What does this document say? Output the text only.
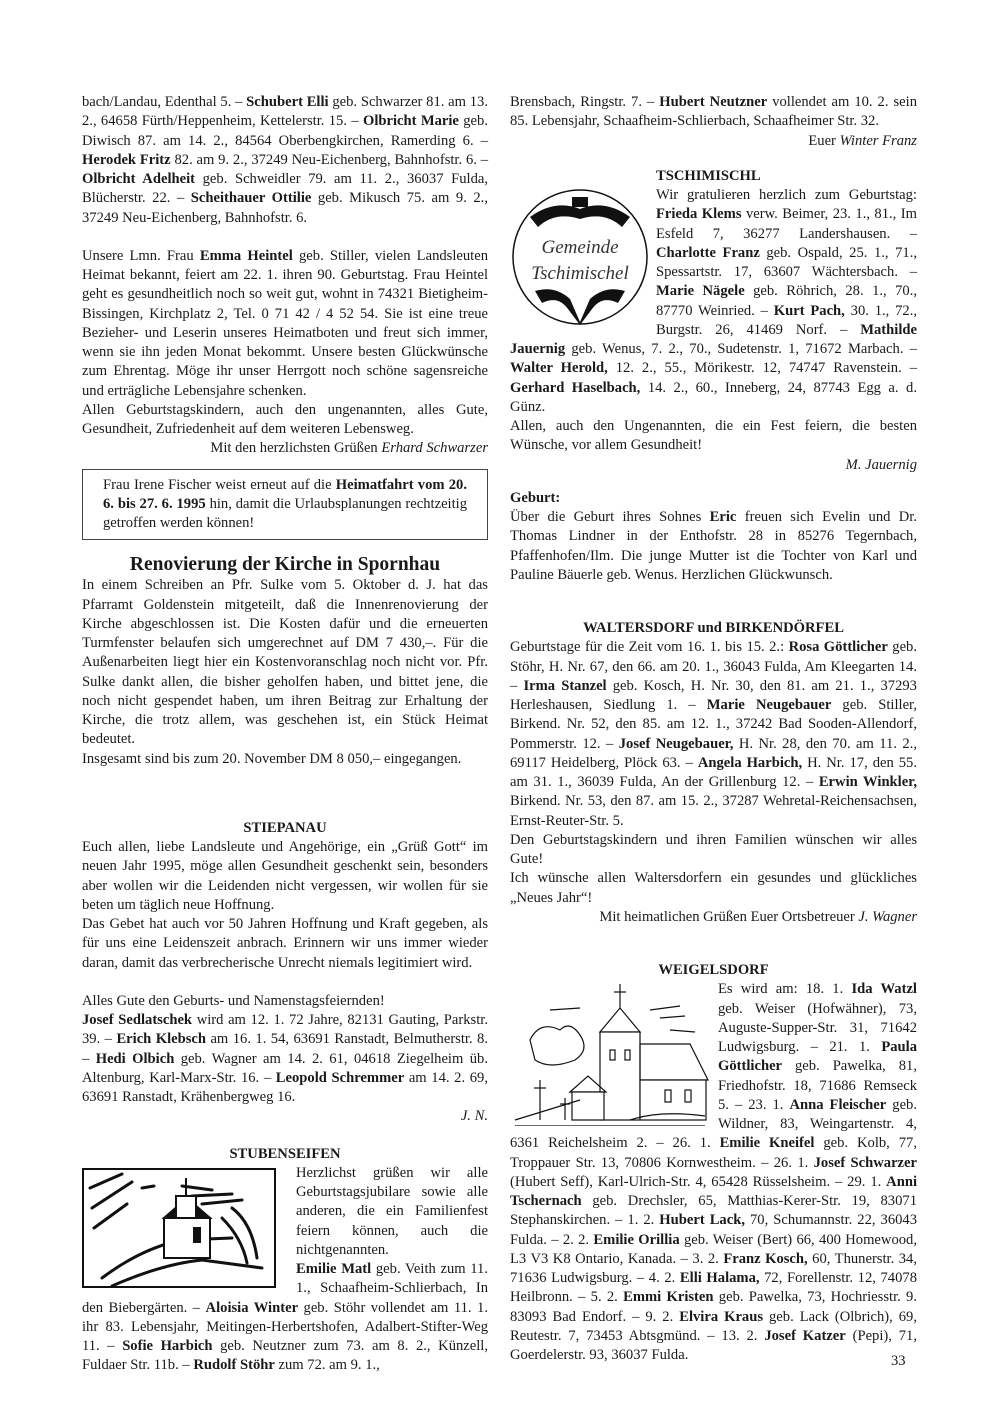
bach/Landau, Edenthal 5. – Schubert Elli geb. Schwarzer 81. am 13. 2., 64658 Fürth/Heppenheim, Kettelerstr. 15. – Olbricht Marie geb. Diwisch 87. am 14. 2., 84564 Oberbengkirchen, Ramerding 6. – Herodek Fritz 82. am 9. 2., 37249 Neu-Eichenberg, Bahnhofstr. 6. – Olbricht Adelheit geb. Schweidler 79. am 11. 2., 36037 Fulda, Blücherstr. 22. – Scheithauer Ottilie geb. Mikusch 75. am 9. 2., 37249 Neu-Eichenberg, Bahnhofstr. 6.

Unsere Lmn. Frau Emma Heintel geb. Stiller, vielen Landsleuten Heimat bekannt, feiert am 22. 1. ihren 90. Geburtstag. Frau Heintel geht es gesundheitlich noch so weit gut, wohnt in 74321 Bietigheim-Bissingen, Kirchplatz 2, Tel. 0 71 42 / 4 52 54. Sie ist eine treue Bezieher- und Leserin unseres Heimatboten und freut sich immer, wenn sie ihn jeden Monat bekommt. Unsere besten Glückwünsche zum Ehrentag. Möge ihr unser Herrgott noch schöne sagensreiche und erträgliche Lebensjahre schenken.

Allen Geburtstagskindern, auch den ungenannten, alles Gute, Gesundheit, Zufriedenheit auf dem weiteren Lebensweg.

Mit den herzlichsten Grüßen Erhard Schwarzer

Frau Irene Fischer weist erneut auf die Heimatfahrt vom 20. 6. bis 27. 6. 1995 hin, damit die Urlaubsplanungen rechtzeitig getroffen werden können!

Renovierung der Kirche in Spornhau

In einem Schreiben an Pfr. Sulke vom 5. Oktober d. J. hat das Pfarramt Goldenstein mitgeteilt, daß die Innenrenovierung der Kirche abgeschlossen ist. Die Kosten dafür und die erneuerten Turmfenster belaufen sich umgerechnet auf DM 7 430,–. Für die Außenarbeiten liegt hier ein Kostenvoranschlag noch nicht vor. Pfr. Sulke dankt allen, die bisher geholfen haben, und bittet jene, die noch nicht gespendet haben, um ihren Beitrag zur Erhaltung der Kirche, die trotz allem, was geschehen ist, ein Stück Heimat bedeutet.

Insgesamt sind bis zum 20. November DM 8 050,– eingegangen.

STIEPANAU

Euch allen, liebe Landsleute und Angehörige, ein „Grüß Gott“ im neuen Jahr 1995, möge allen Gesundheit geschenkt sein, besonders aber wollen wir die Leidenden nicht vergessen, wir wollen für sie beten um täglich neue Hoffnung.

Das Gebet hat auch vor 50 Jahren Hoffnung und Kraft gegeben, als für uns eine Leidenszeit anbrach. Erinnern wir uns immer wieder daran, damit das verbrecherische Unrecht niemals legitimiert wird.

Alles Gute den Geburts- und Namenstagsfeiernden!

Josef Sedlatschek wird am 12. 1. 72 Jahre, 82131 Gauting, Parkstr. 39. – Erich Klebsch am 16. 1. 54, 63691 Ranstadt, Belmutherstr. 8. – Hedi Olbich geb. Wagner am 14. 2. 61, 04618 Ziegelheim üb. Altenburg, Karl-Marx-Str. 16. – Leopold Schremmer am 14. 2. 69, 63691 Ranstadt, Krähenbergweg 16.

J. N.

STUBENSEIFEN

Herzlichst grüßen wir alle Geburtstagsjubilare sowie alle anderen, die ein Familienfest feiern können, auch die nichtgenannten.

Emilie Matl geb. Veith zum 11. 1., Schaafheim-Schlierbach, In den Biebergärten. – Aloisia Winter geb. Stöhr vollendet am 11. 1. ihr 83. Lebensjahr, Meitingen-Herbertshofen, Adalbert-Stifter-Weg 11. – Sofie Harbich geb. Neutzner zum 73. am 8. 2., Künzell, Fuldaer Str. 11b. – Rudolf Stöhr zum 72. am 9. 1.,

Brensbach, Ringstr. 7. – Hubert Neutzner vollendet am 10. 2. sein 85. Lebensjahr, Schaafheim-Schlierbach, Schaafheimer Str. 32.

Euer Winter Franz

Gemeinde
Tschimischel
TSCHIMISCHL

Wir gratulieren herzlich zum Geburtstag: Frieda Klems verw. Beimer, 23. 1., 81., Im Esfeld 7, 36277 Landershausen. – Charlotte Franz geb. Ospald, 25. 1., 71., Spessartstr. 17, 63607 Wächtersbach. – Marie Nägele geb. Röhrich, 28. 1., 70., 87770 Weinried. – Kurt Pach, 30. 1., 72., Burgstr. 26, 41469 Norf. – Mathilde Jauernig geb. Wenus, 7. 2., 70., Sudetenstr. 1, 71672 Marbach. – Walter Herold, 12. 2., 55., Mörikestr. 12, 74747 Ravenstein. – Gerhard Haselbach, 14. 2., 60., Inneberg, 24, 87743 Egg a. d. Günz.

Allen, auch den Ungenannten, die ein Fest feiern, die besten Wünsche, vor allem Gesundheit!

M. Jauernig

Geburt:

Über die Geburt ihres Sohnes Eric freuen sich Evelin und Dr. Thomas Lindner in der Enthofstr. 28 in 85276 Tegernbach, Pfaffenhofen/Ilm. Die junge Mutter ist die Tochter von Karl und Pauline Bäuerle geb. Wenus. Herzlichen Glückwunsch.

WALTERSDORF und BIRKENDÖRFEL

Geburtstage für die Zeit vom 16. 1. bis 15. 2.: Rosa Göttlicher geb. Stöhr, H. Nr. 67, den 66. am 20. 1., 36043 Fulda, Am Kleegarten 14. – Irma Stanzel geb. Kosch, H. Nr. 30, den 81. am 21. 1., 37293 Herleshausen, Siedlung 1. – Marie Neugebauer geb. Stiller, Birkend. Nr. 52, den 85. am 12. 1., 37242 Bad Sooden-Allendorf, Pommerstr. 12. – Josef Neugebauer, H. Nr. 28, den 70. am 11. 2., 69117 Heidelberg, Plöck 63. – Angela Harbich, H. Nr. 17, den 55. am 31. 1., 36039 Fulda, An der Grillenburg 12. – Erwin Winkler, Birkend. Nr. 53, den 87. am 15. 2., 37287 Wehretal-Reichensachsen, Ernst-Reuter-Str. 5.

Den Geburtstagskindern und ihren Familien wünschen wir alles Gute!

Ich wünsche allen Waltersdorfern ein gesundes und glückliches „Neues Jahr“!

Mit heimatlichen Grüßen Euer Ortsbetreuer J. Wagner

WEIGELSDORF

Es wird am: 18. 1. Ida Watzl geb. Weiser (Hofwähner), 73, Auguste-Supper-Str. 31, 71642 Ludwigsburg. – 21. 1. Paula Göttlicher geb. Pawelka, 81, Friedhofstr. 18, 71686 Remseck 5. – 23. 1. Anna Fleischer geb. Wildner, 83, Weingartenstr. 4, 6361 Reichelsheim 2. – 26. 1. Emilie Kneifel geb. Kolb, 77, Troppauer Str. 13, 70806 Kornwestheim. – 26. 1. Josef Schwarzer (Hubert Seff), Karl-Ulrich-Str. 4, 65428 Rüsselsheim. – 29. 1. Anni Tschernach geb. Drechsler, 65, Matthias-Kerer-Str. 19, 83071 Stephanskirchen. – 1. 2. Hubert Lack, 70, Schumannstr. 22, 36043 Fulda. – 2. 2. Emilie Orillia geb. Weiser (Bert) 66, 400 Homewood, L3 V3 K8 Ontario, Kanada. – 3. 2. Franz Kosch, 60, Thunerstr. 34, 71636 Ludwigsburg. – 4. 2. Elli Halama, 72, Forellenstr. 12, 74078 Heilbronn. – 5. 2. Emmi Kristen geb. Pawelka, 73, Hochriesstr. 9. 83093 Bad Endorf. – 9. 2. Elvira Kraus geb. Lack (Olbrich), 69, Reutestr. 7, 73453 Abtsgmünd. – 13. 2. Josef Katzer (Pepi), 71, Goerdelerstr. 93, 36037 Fulda.	33
